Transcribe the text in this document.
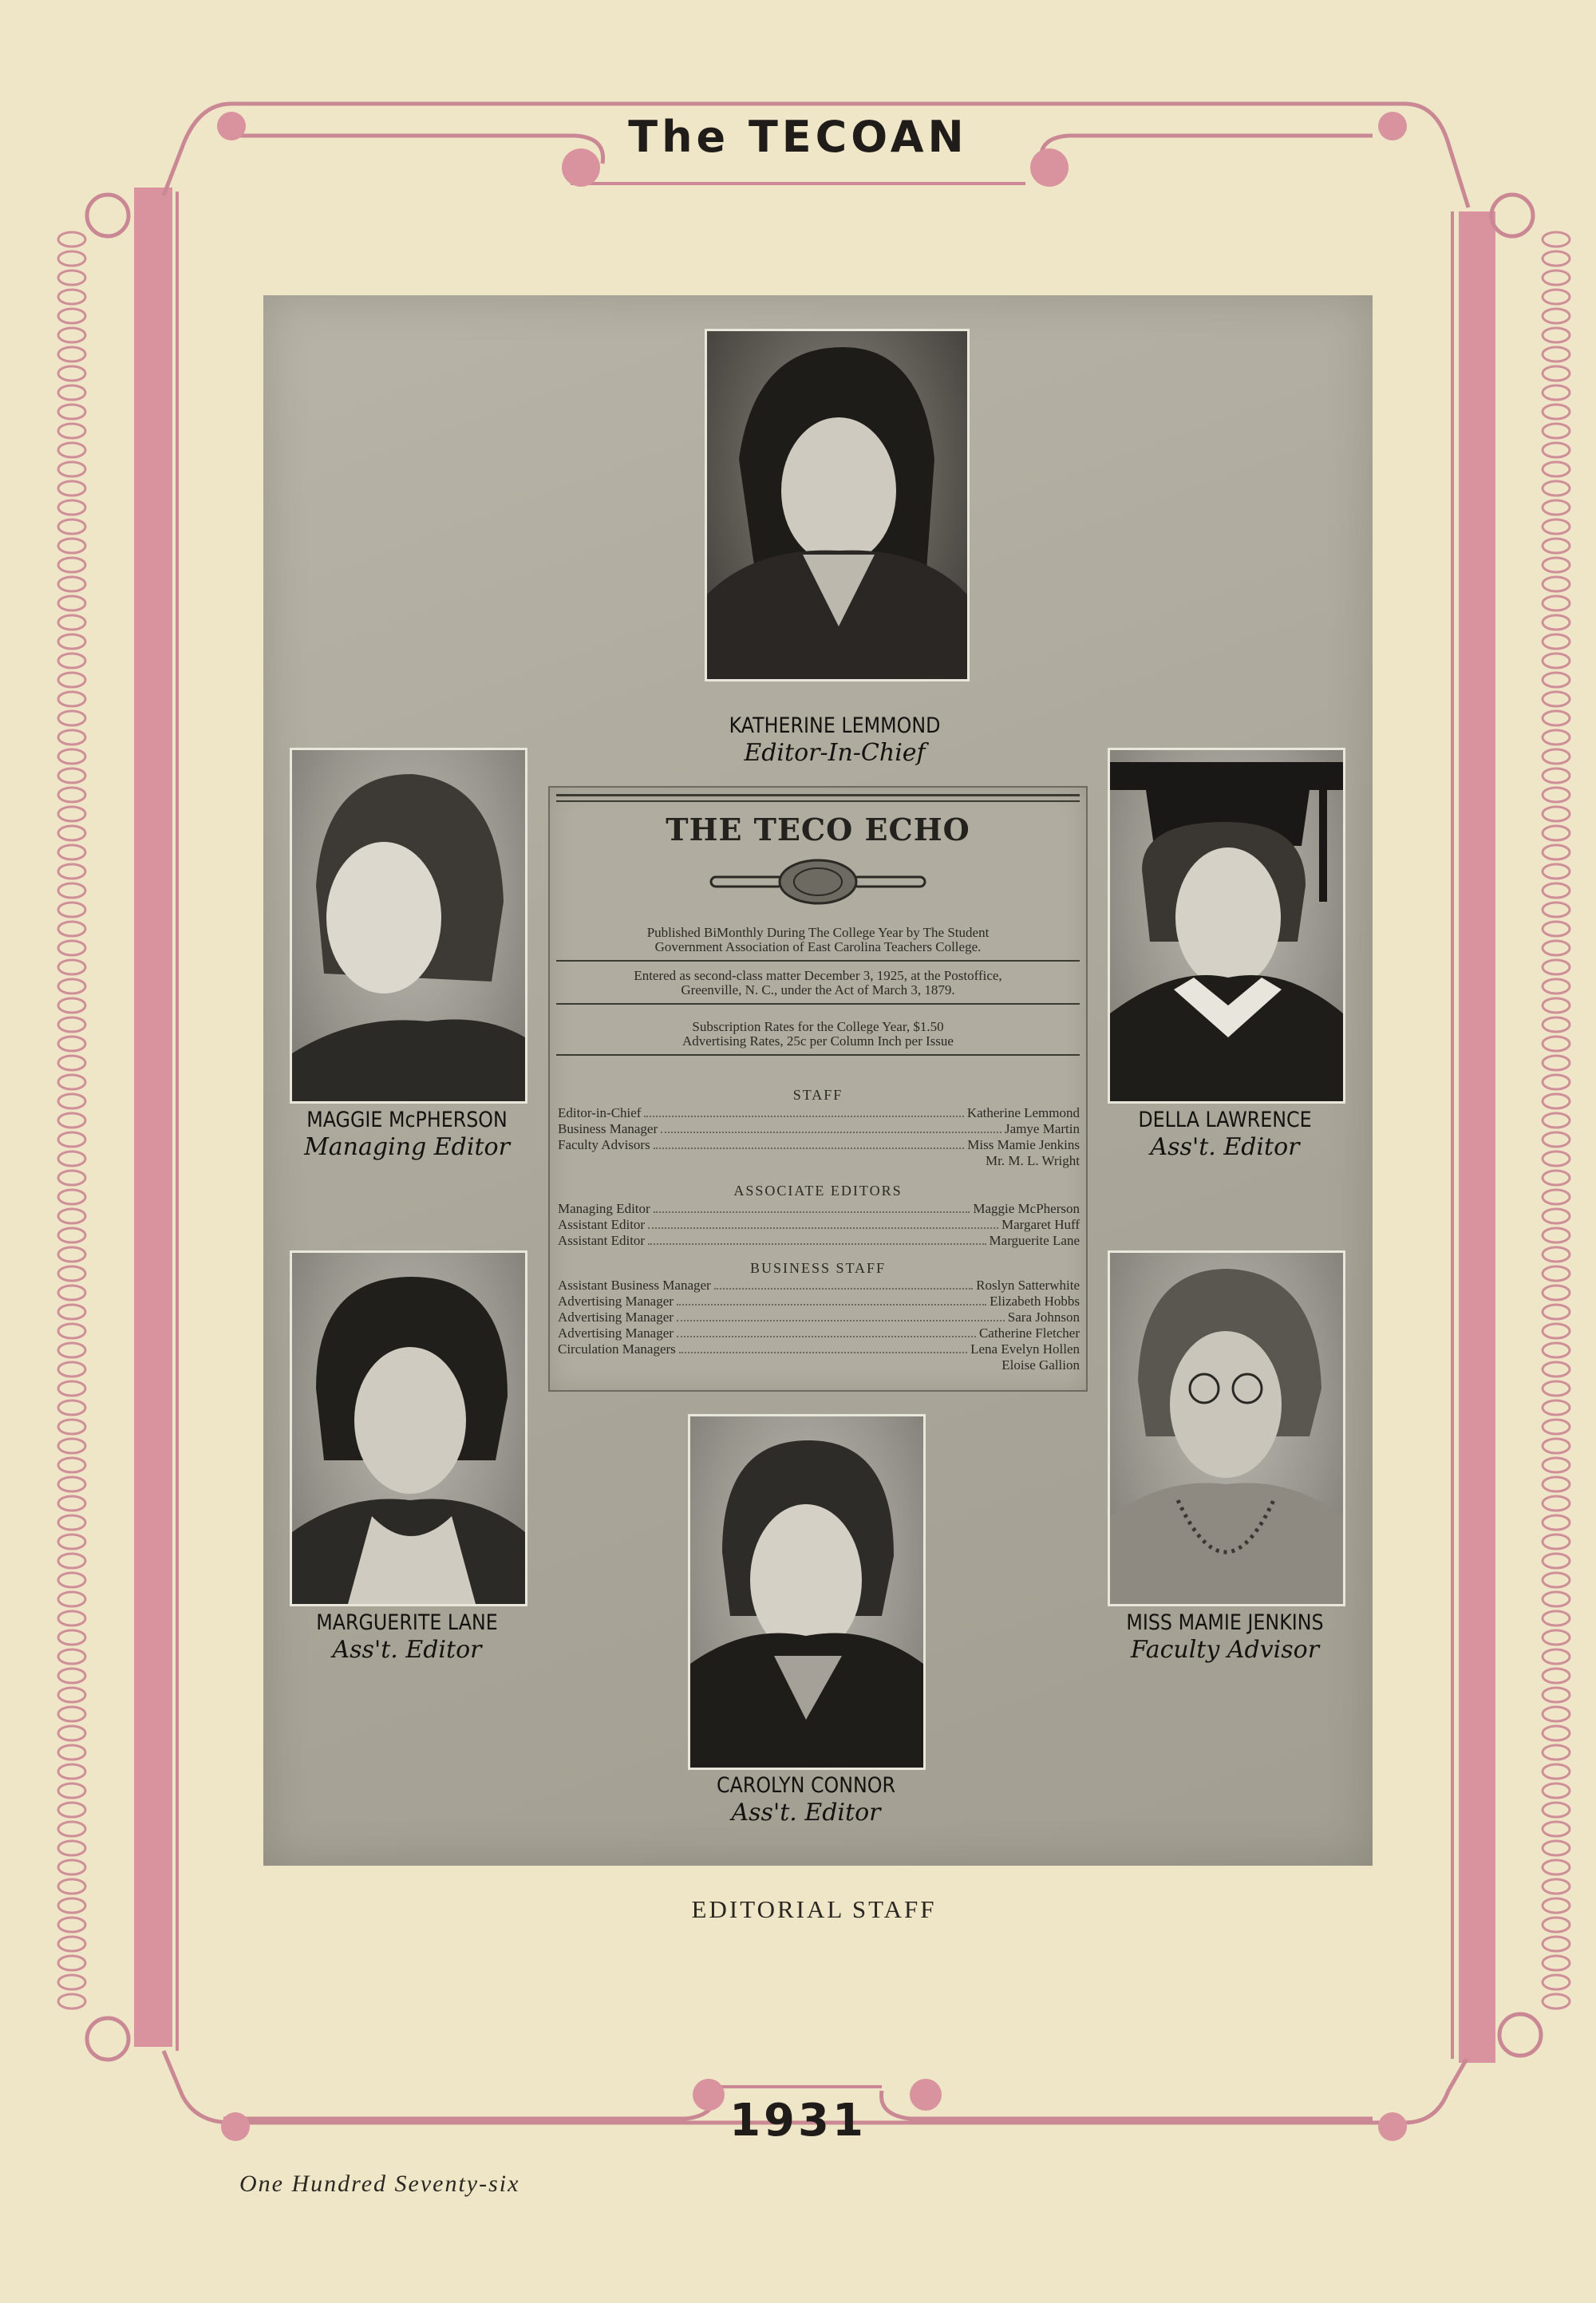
The TECOAN
KATHERINE LEMMOND
Editor-In-Chief
MAGGIE McPHERSON
Managing Editor
DELLA LAWRENCE
Ass't. Editor
MARGUERITE LANE
Ass't. Editor
MISS MAMIE JENKINS
Faculty Advisor
CAROLYN CONNOR
Ass't. Editor
THE TECO ECHO
Published BiMonthly During The College Year by The Student
Government Association of East Carolina Teachers College.
Entered as second-class matter December 3, 1925, at the Postoffice,
Greenville, N. C., under the Act of March 3, 1879.
Subscription Rates for the College Year, $1.50
Advertising Rates, 25c per Column Inch per Issue
STAFF
Editor-in-Chief	Katherine Lemmond
Business Manager	Jamye Martin
Faculty Advisors	Miss Mamie Jenkins
Mr. M. L. Wright
ASSOCIATE EDITORS
Managing Editor	Maggie McPherson
Assistant Editor	Margaret Huff
Assistant Editor	Marguerite Lane
BUSINESS STAFF
Assistant Business Manager	Roslyn Satterwhite
Advertising Manager	Elizabeth Hobbs
Advertising Manager	Sara Johnson
Advertising Manager	Catherine Fletcher
Circulation Managers	Lena Evelyn Hollen
Eloise Gallion
EDITORIAL STAFF
1931
One Hundred Seventy-six
